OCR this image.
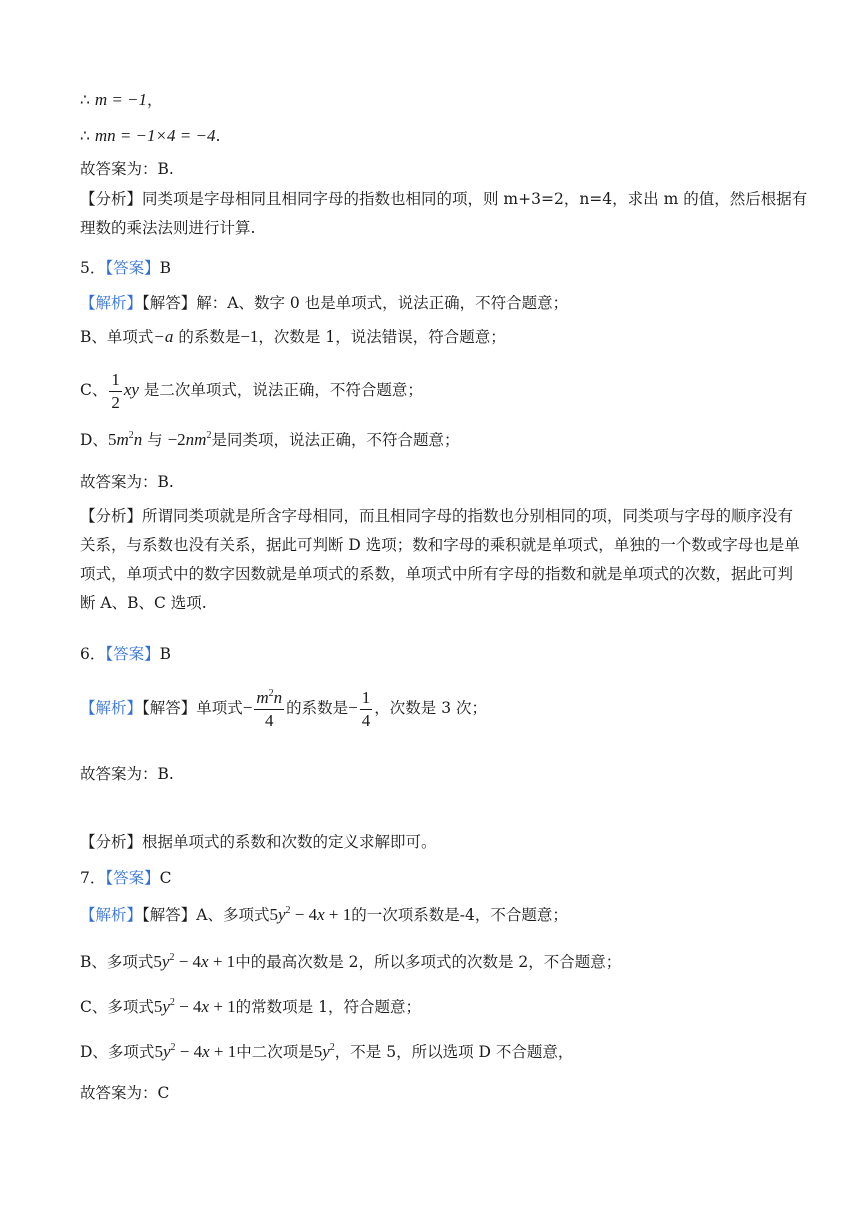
∴ m = −1，
∴ mn = −1×4 = −4.
故答案为：B.
【分析】同类项是字母相同且相同字母的指数也相同的项，则 m+3=2，n=4，求出 m 的值，然后根据有理数的乘法法则进行计算.
5．【答案】B
【解析】【解答】解：A、数字 0 也是单项式，说法正确，不符合题意；
B、单项式−a 的系数是−1，次数是 1，说法错误，符合题意；
C、 $\frac{1}{2}$ xy 是二次单项式，说法正确，不符合题意；
D、$5m^2n$ 与 $-2nm^2$是同类项，说法正确，不符合题意；
故答案为：B.
【分析】所谓同类项就是所含字母相同，而且相同字母的指数也分别相同的项，同类项与字母的顺序没有关系，与系数也没有关系，据此可判断 D 选项；数和字母的乘积就是单项式，单独的一个数或字母也是单项式，单项式中的数字因数就是单项式的系数，单项式中所有字母的指数和就是单项式的次数，据此可判断 A、B、C 选项.
6．【答案】B
【解析】【解答】单项式− $\frac{m^2n}{4}$ 的系数是− $\frac{1}{4}$ ，次数是 3 次；
故答案为：B.
【分析】根据单项式的系数和次数的定义求解即可。
7．【答案】C
【解析】【解答】A、多项式$5y^2 - 4x + 1$的一次项系数是-4，不合题意；
B、多项式$5y^2 - 4x + 1$中的最高次数是 2，所以多项式的次数是 2，不合题意；
C、多项式$5y^2 - 4x + 1$的常数项是 1，符合题意；
D、多项式$5y^2 - 4x + 1$中二次项是$5y^2$，不是 5，所以选项 D 不合题意，
故答案为：C
